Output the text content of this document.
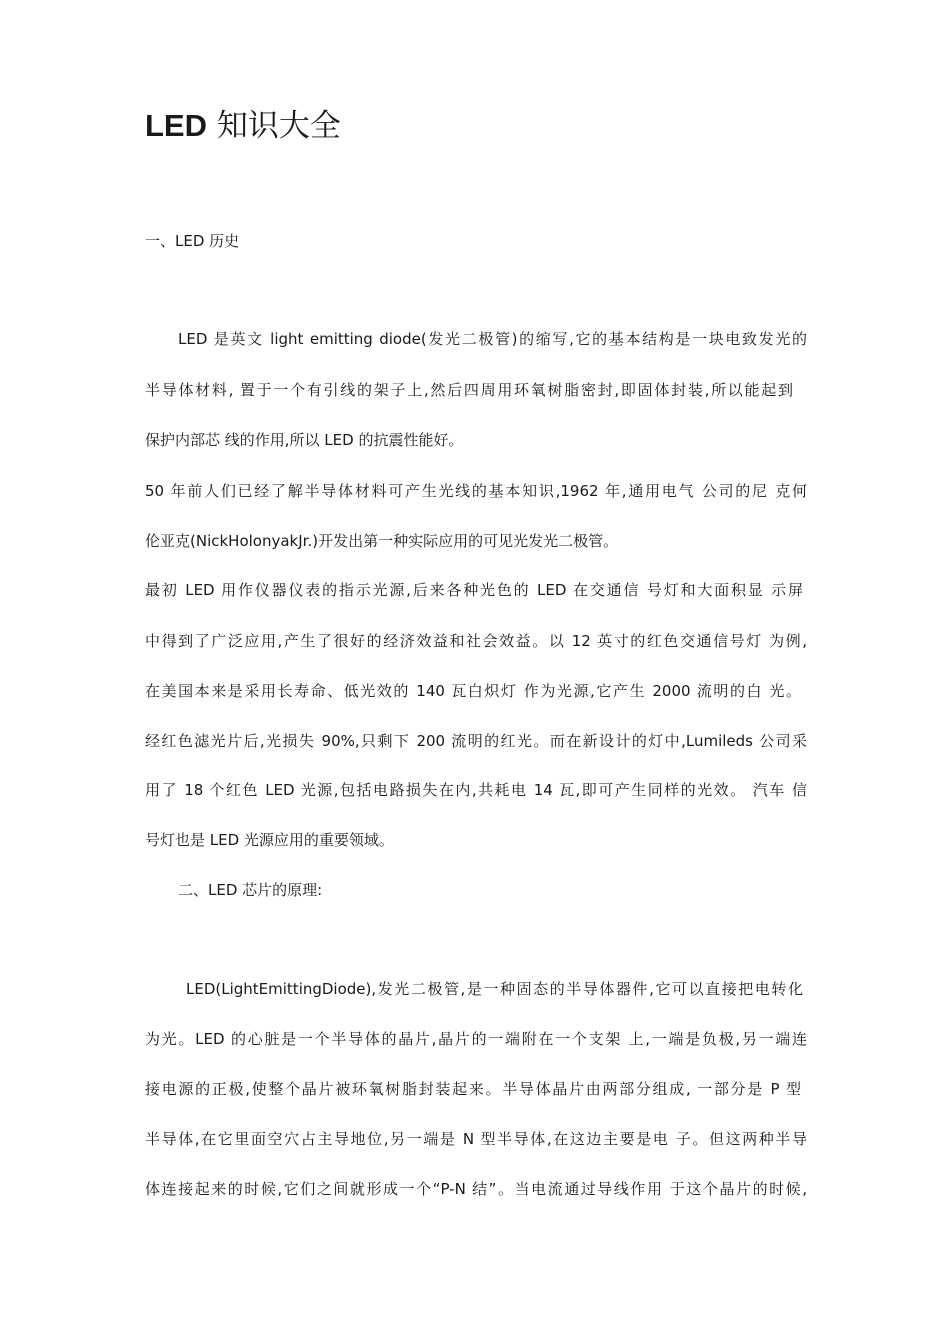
LED 知识大全
一、LED 历史

LED 是英文 light emitting diode(发光二极管)的缩写,它的基本结构是一块电致发光的

半导体材料, 置于一个有引线的架子上,然后四周用环氧树脂密封,即固体封装,所以能起到

保护内部芯 线的作用,所以 LED 的抗震性能好。

50 年前人们已经了解半导体材料可产生光线的基本知识,1962 年,通用电气 公司的尼 克何

伦亚克(NickHolonyakJr.)开发出第一种实际应用的可见光发光二极管。

最初 LED 用作仪器仪表的指示光源,后来各种光色的 LED 在交通信 号灯和大面积显 示屏

中得到了广泛应用,产生了很好的经济效益和社会效益。以 12 英寸的红色交通信号灯 为例,

在美国本来是采用长寿命、低光效的 140 瓦白炽灯 作为光源,它产生 2000 流明的白 光。

经红色滤光片后,光损失 90%,只剩下 200 流明的红光。而在新设计的灯中,Lumileds 公司采

用了 18 个红色 LED 光源,包括电路损失在内,共耗电 14 瓦,即可产生同样的光效。 汽车 信

号灯也是 LED 光源应用的重要领域。

二、LED 芯片的原理:

LED(LightEmittingDiode),发光二极管,是一种固态的半导体器件,它可以直接把电转化

为光。LED 的心脏是一个半导体的晶片,晶片的一端附在一个支架 上,一端是负极,另一端连

接电源的正极,使整个晶片被环氧树脂封装起来。半导体晶片由两部分组成, 一部分是 P 型

半导体,在它里面空穴占主导地位,另一端是 N 型半导体,在这边主要是电 子。但这两种半导

体连接起来的时候,它们之间就形成一个“P-N 结”。当电流通过导线作用 于这个晶片的时候,
